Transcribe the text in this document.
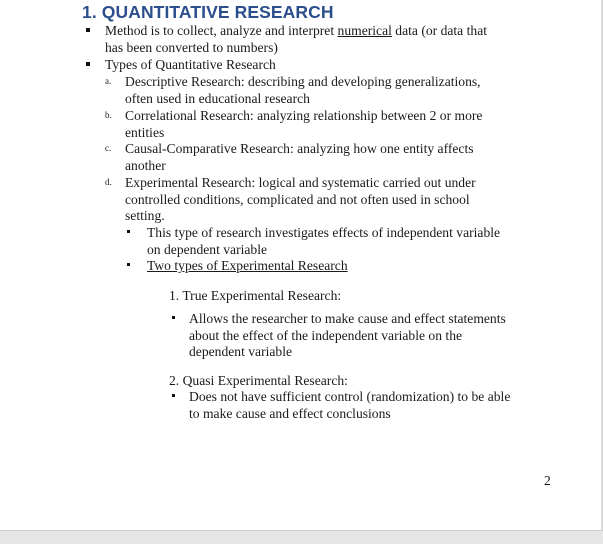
1. QUANTITATIVE RESEARCH
Method is to collect, analyze and interpret numerical data (or data that
has been converted to numbers)
Types of Quantitative Research
a. Descriptive Research: describing and developing generalizations,
often used in educational research
b. Correlational Research: analyzing relationship between 2 or more
entities
c. Causal-Comparative Research: analyzing how one entity affects
another
d. Experimental Research: logical and systematic carried out under
controlled conditions, complicated and not often used in school
setting.
This type of research investigates effects of independent variable
on dependent variable
Two types of Experimental Research
1. True Experimental Research:
Allows the researcher to make cause and effect statements
about the effect of the independent variable on the
dependent variable
2. Quasi Experimental Research:
Does not have sufficient control (randomization) to be able
to make cause and effect conclusions
2
